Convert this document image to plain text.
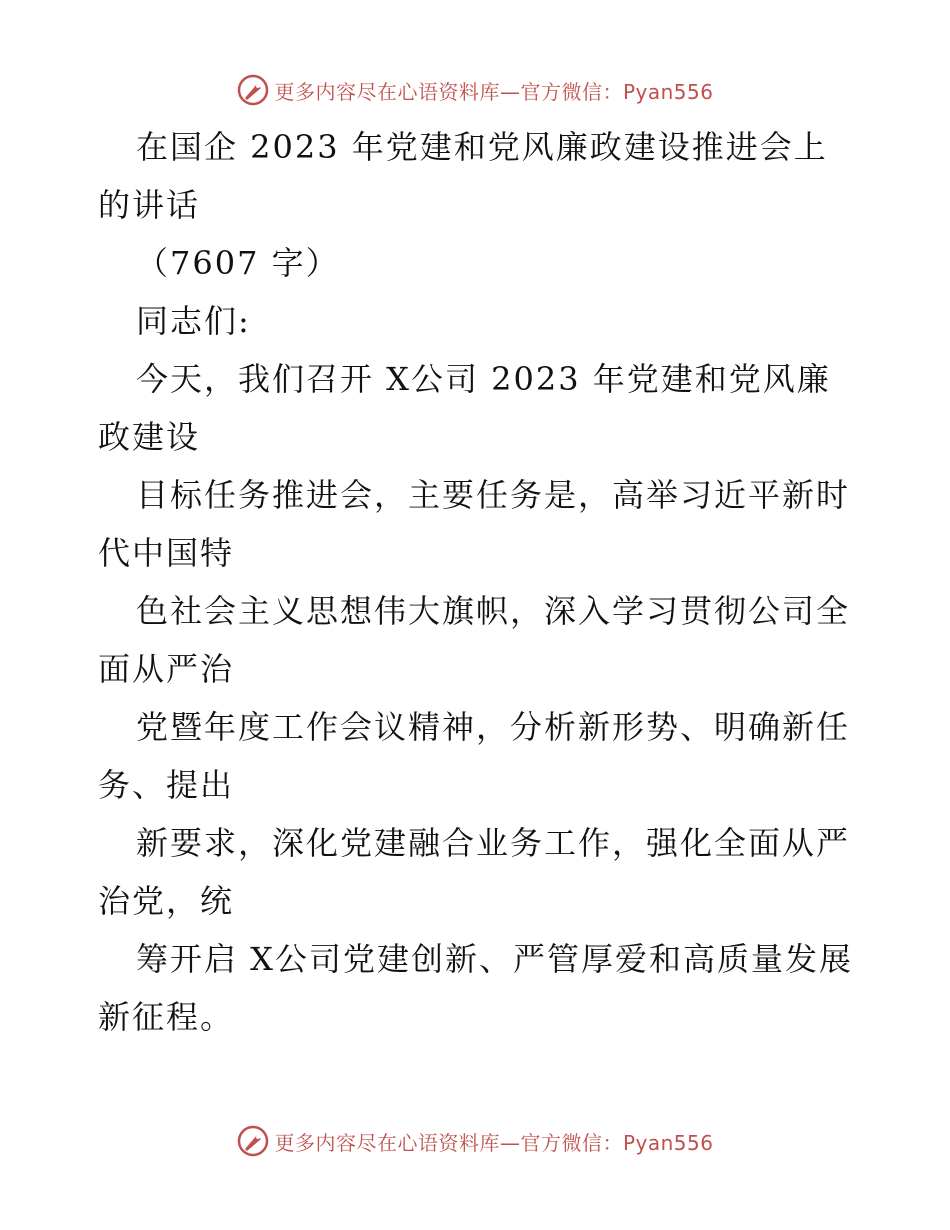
更多内容尽在心语资料库—官方微信：Pyan556

在国企 2023 年党建和党风廉政建设推进会上的讲话

（7607 字）

同志们:

今天，我们召开 X公司 2023 年党建和党风廉政建设

目标任务推进会，主要任务是，高举习近平新时代中国特

色社会主义思想伟大旗帜，深入学习贯彻公司全面从严治

党暨年度工作会议精神，分析新形势、明确新任务、提出

新要求，深化党建融合业务工作，强化全面从严治党，统

筹开启 X公司党建创新、严管厚爱和高质量发展新征程。

更多内容尽在心语资料库—官方微信：Pyan556
